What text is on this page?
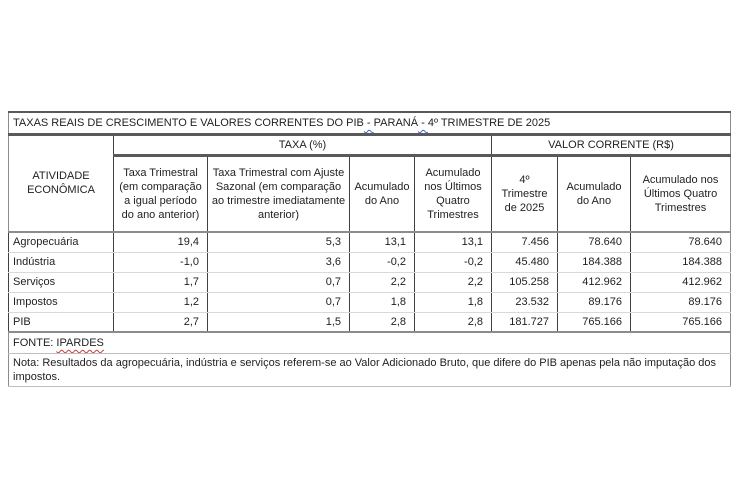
TAXAS REAIS DE CRESCIMENTO E VALORES CORRENTES DO PIB - PARANÁ - 4º TRIMESTRE DE 2025							
ATIVIDADE ECONÔMICA	TAXA (%)				VALOR CORRENTE (R$)		
	Taxa Trimestral (em comparação a igual período do ano anterior)	Taxa Trimestral com Ajuste Sazonal (em comparação ao trimestre imediatamente anterior)	Acumulado do Ano	Acumulado nos Últimos Quatro Trimestres	4º Trimestre de 2025	Acumulado do Ano	Acumulado nos Últimos Quatro Trimestres
Agropecuária	19,4	5,3	13,1	13,1	7.456	78.640	78.640
Indústria	-1,0	3,6	-0,2	-0,2	45.480	184.388	184.388
Serviços	1,7	0,7	2,2	2,2	105.258	412.962	412.962
Impostos	1,2	0,7	1,8	1,8	23.532	89.176	89.176
PIB	2,7	1,5	2,8	2,8	181.727	765.166	765.166
FONTE: IPARDES							
Nota: Resultados da agropecuária, indústria e serviços referem-se ao Valor Adicionado Bruto, que difere do PIB apenas pela não imputação dos impostos.							
